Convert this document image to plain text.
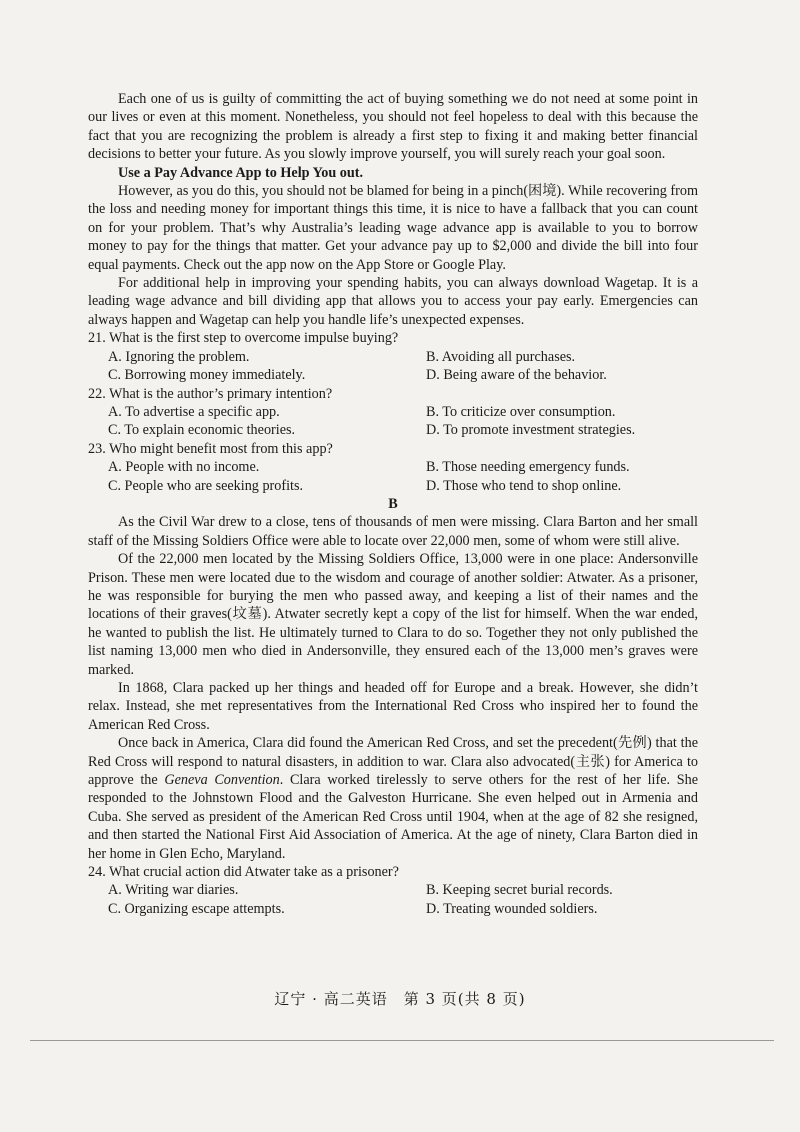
Each one of us is guilty of committing the act of buying something we do not need at some point in our lives or even at this moment. Nonetheless, you should not feel hopeless to deal with this because the fact that you are recognizing the problem is already a first step to fixing it and making better financial decisions to better your future. As you slowly improve yourself, you will surely reach your goal soon.

Use a Pay Advance App to Help You out.

However, as you do this, you should not be blamed for being in a pinch(困境). While recovering from the loss and needing money for important things this time, it is nice to have a fallback that you can count on for your problem. That’s why Australia’s leading wage advance app is available to you to borrow money to pay for the things that matter. Get your advance pay up to $2,000 and divide the bill into four equal payments. Check out the app now on the App Store or Google Play.

For additional help in improving your spending habits, you can always download Wagetap. It is a leading wage advance and bill dividing app that allows you to access your pay early. Emergencies can always happen and Wagetap can help you handle life’s unexpected expenses.

21. What is the first step to overcome impulse buying?

A. Ignoring the problem.	B. Avoiding all purchases.
C. Borrowing money immediately.	D. Being aware of the behavior.

22. What is the author’s primary intention?

A. To advertise a specific app.	B. To criticize over consumption.
C. To explain economic theories.	D. To promote investment strategies.

23. Who might benefit most from this app?

A. People with no income.	B. Those needing emergency funds.
C. People who are seeking profits.	D. Those who tend to shop online.

B

As the Civil War drew to a close, tens of thousands of men were missing. Clara Barton and her small staff of the Missing Soldiers Office were able to locate over 22,000 men, some of whom were still alive.

Of the 22,000 men located by the Missing Soldiers Office, 13,000 were in one place: Andersonville Prison. These men were located due to the wisdom and courage of another soldier: Atwater. As a prisoner, he was responsible for burying the men who passed away, and keeping a list of their names and the locations of their graves(坟墓). Atwater secretly kept a copy of the list for himself. When the war ended, he wanted to publish the list. He ultimately turned to Clara to do so. Together they not only published the list naming 13,000 men who died in Andersonville, they ensured each of the 13,000 men’s graves were marked.

In 1868, Clara packed up her things and headed off for Europe and a break. However, she didn’t relax. Instead, she met representatives from the International Red Cross who inspired her to found the American Red Cross.

Once back in America, Clara did found the American Red Cross, and set the precedent(先例) that the Red Cross will respond to natural disasters, in addition to war. Clara also advocated(主张) for America to approve the Geneva Convention. Clara worked tirelessly to serve others for the rest of her life. She responded to the Johnstown Flood and the Galveston Hurricane. She even helped out in Armenia and Cuba. She served as president of the American Red Cross until 1904, when at the age of 82 she resigned, and then started the National First Aid Association of America. At the age of ninety, Clara Barton died in her home in Glen Echo, Maryland.

24. What crucial action did Atwater take as a prisoner?

A. Writing war diaries.	B. Keeping secret burial records.
C. Organizing escape attempts.	D. Treating wounded soldiers.
辽宁 · 高二英语　第 3 页(共 8 页)
